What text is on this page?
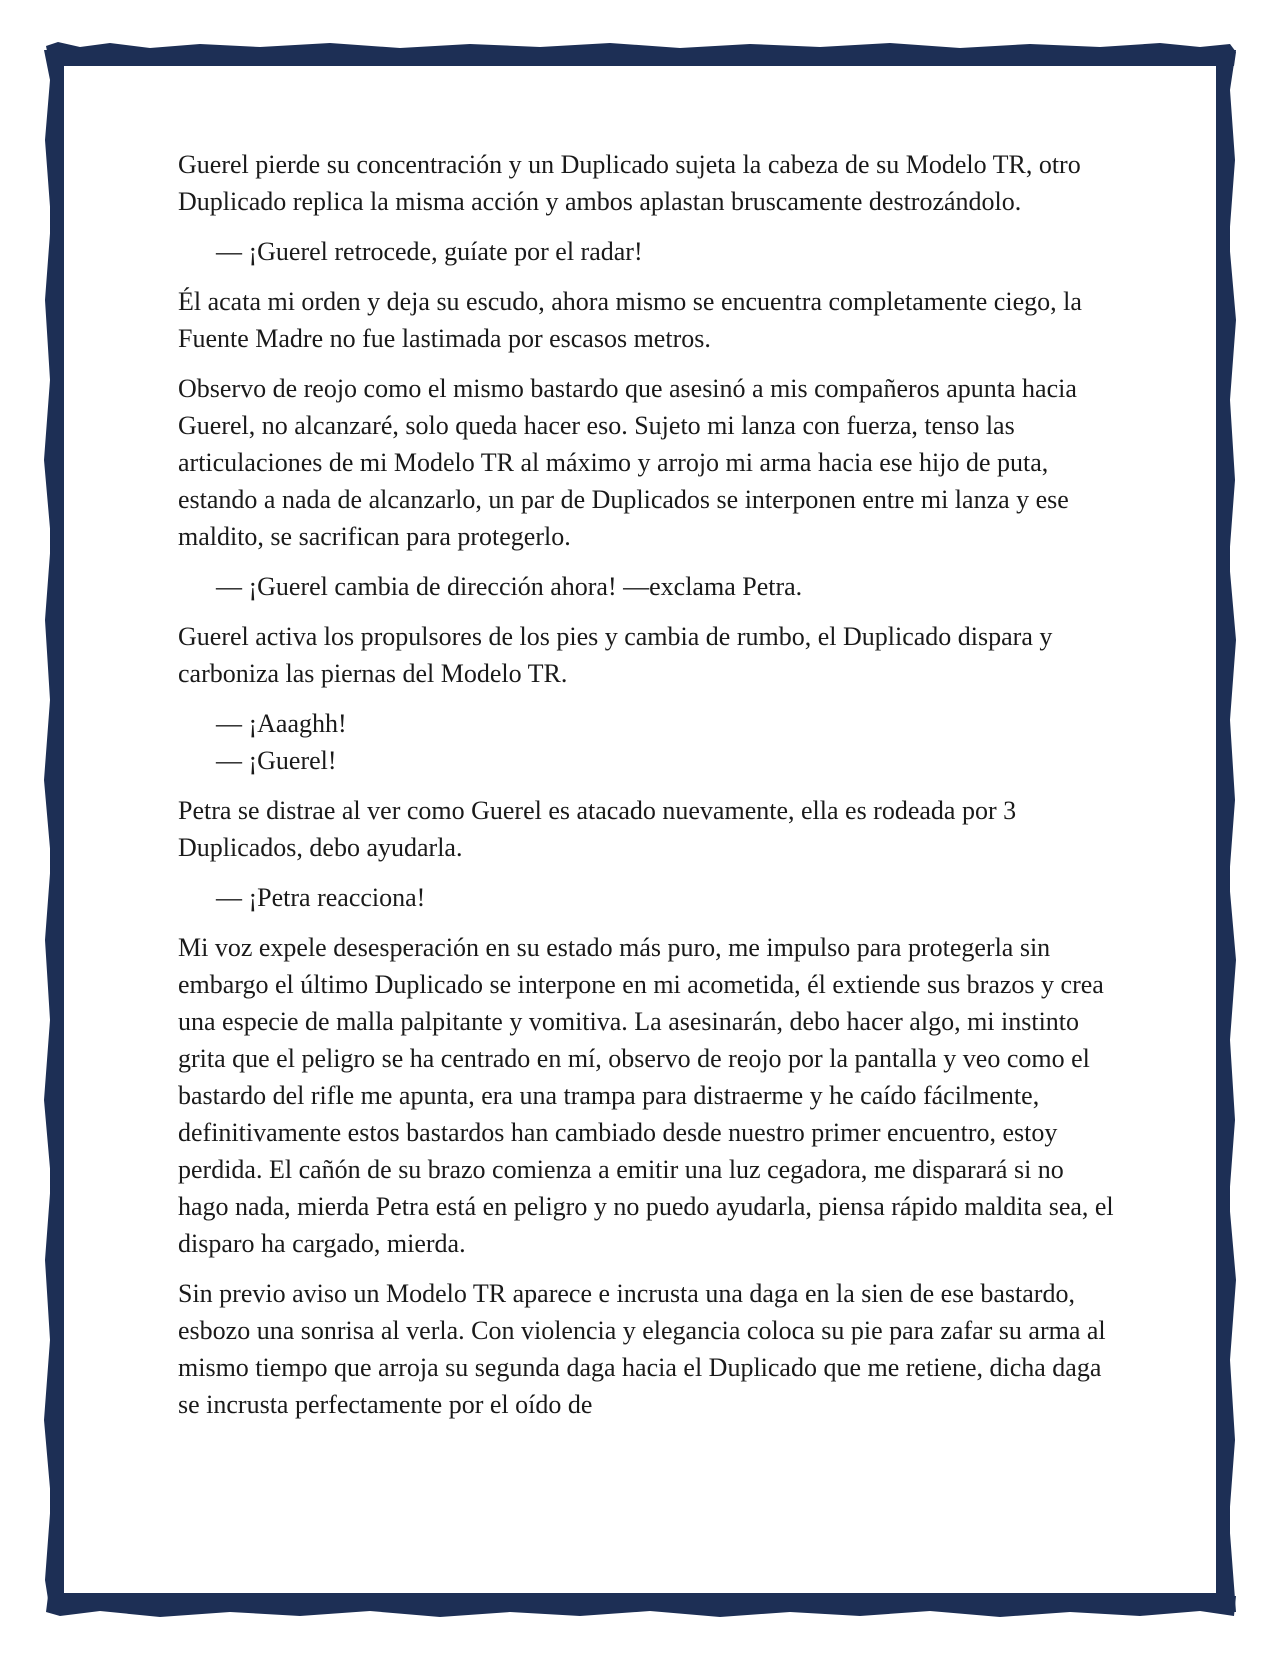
Guerel pierde su concentración y un Duplicado sujeta la cabeza de su Modelo TR, otro Duplicado replica la misma acción y ambos aplastan bruscamente destrozándolo.

— ¡Guerel retrocede, guíate por el radar!

Él acata mi orden y deja su escudo, ahora mismo se encuentra completamente ciego, la Fuente Madre no fue lastimada por escasos metros.

Observo de reojo como el mismo bastardo que asesinó a mis compañeros apunta hacia Guerel, no alcanzaré, solo queda hacer eso. Sujeto mi lanza con fuerza, tenso las articulaciones de mi Modelo TR al máximo y arrojo mi arma hacia ese hijo de puta, estando a nada de alcanzarlo, un par de Duplicados se interponen entre mi lanza y ese maldito, se sacrifican para protegerlo.

— ¡Guerel cambia de dirección ahora! —exclama Petra.

Guerel activa los propulsores de los pies y cambia de rumbo, el Duplicado dispara y carboniza las piernas del Modelo TR.

— ¡Aaaghh!

— ¡Guerel!

Petra se distrae al ver como Guerel es atacado nuevamente, ella es rodeada por 3 Duplicados, debo ayudarla.

— ¡Petra reacciona!

Mi voz expele desesperación en su estado más puro, me impulso para protegerla sin embargo el último Duplicado se interpone en mi acometida, él extiende sus brazos y crea una especie de malla palpitante y vomitiva. La asesinarán, debo hacer algo, mi instinto grita que el peligro se ha centrado en mí, observo de reojo por la pantalla y veo como el bastardo del rifle me apunta, era una trampa para distraerme y he caído fácilmente, definitivamente estos bastardos han cambiado desde nuestro primer encuentro, estoy perdida. El cañón de su brazo comienza a emitir una luz cegadora, me disparará si no hago nada, mierda Petra está en peligro y no puedo ayudarla, piensa rápido maldita sea, el disparo ha cargado, mierda.

Sin previo aviso un Modelo TR aparece e incrusta una daga en la sien de ese bastardo, esbozo una sonrisa al verla. Con violencia y elegancia coloca su pie para zafar su arma al mismo tiempo que arroja su segunda daga hacia el Duplicado que me retiene, dicha daga se incrusta perfectamente por el oído de
